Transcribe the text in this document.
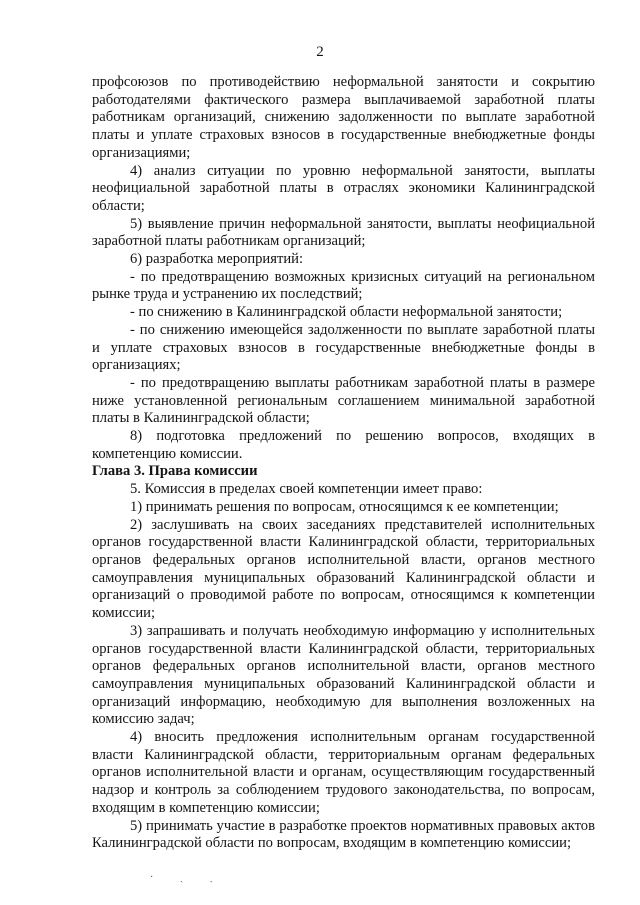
2

профсоюзов по противодействию неформальной занятости и сокрытию работодателями фактического размера выплачиваемой заработной платы работникам организаций, снижению задолженности по выплате заработной платы и уплате страховых взносов в государственные внебюджетные фонды организациями;

4) анализ ситуации по уровню неформальной занятости, выплаты неофициальной заработной платы в отраслях экономики Калининградской области;

5) выявление причин неформальной занятости, выплаты неофициальной заработной платы работникам организаций;

6) разработка мероприятий:

- по предотвращению возможных кризисных ситуаций на региональном рынке труда и устранению их последствий;

- по снижению в Калининградской области неформальной занятости;

- по снижению имеющейся задолженности по выплате заработной платы и уплате страховых взносов в государственные внебюджетные фонды в организациях;

- по предотвращению выплаты работникам заработной платы в размере ниже установленной региональным соглашением минимальной заработной платы в Калининградской области;

8) подготовка предложений по решению вопросов, входящих в компетенцию комиссии.

Глава 3. Права комиссии

5. Комиссия в пределах своей компетенции имеет право:

1) принимать решения по вопросам, относящимся к ее компетенции;

2) заслушивать на своих заседаниях представителей исполнительных органов государственной власти Калининградской области, территориальных органов федеральных органов исполнительной власти, органов местного самоуправления муниципальных образований Калининградской области и организаций о проводимой работе по вопросам, относящимся к компетенции комиссии;

3) запрашивать и получать необходимую информацию у исполнительных органов государственной власти Калининградской области, территориальных органов федеральных органов исполнительной власти, органов местного самоуправления муниципальных образований Калининградской области и организаций информацию, необходимую для выполнения возложенных на комиссию задач;

4) вносить предложения исполнительным органам государственной власти Калининградской области, территориальным органам федеральных органов исполнительной власти и органам, осуществляющим государственный надзор и контроль за соблюдением трудового законодательства, по вопросам, входящим в компетенцию комиссии;

5) принимать участие в разработке проектов нормативных правовых актов Калининградской области по вопросам, входящим в компетенцию комиссии;

· ˎ ˏ
